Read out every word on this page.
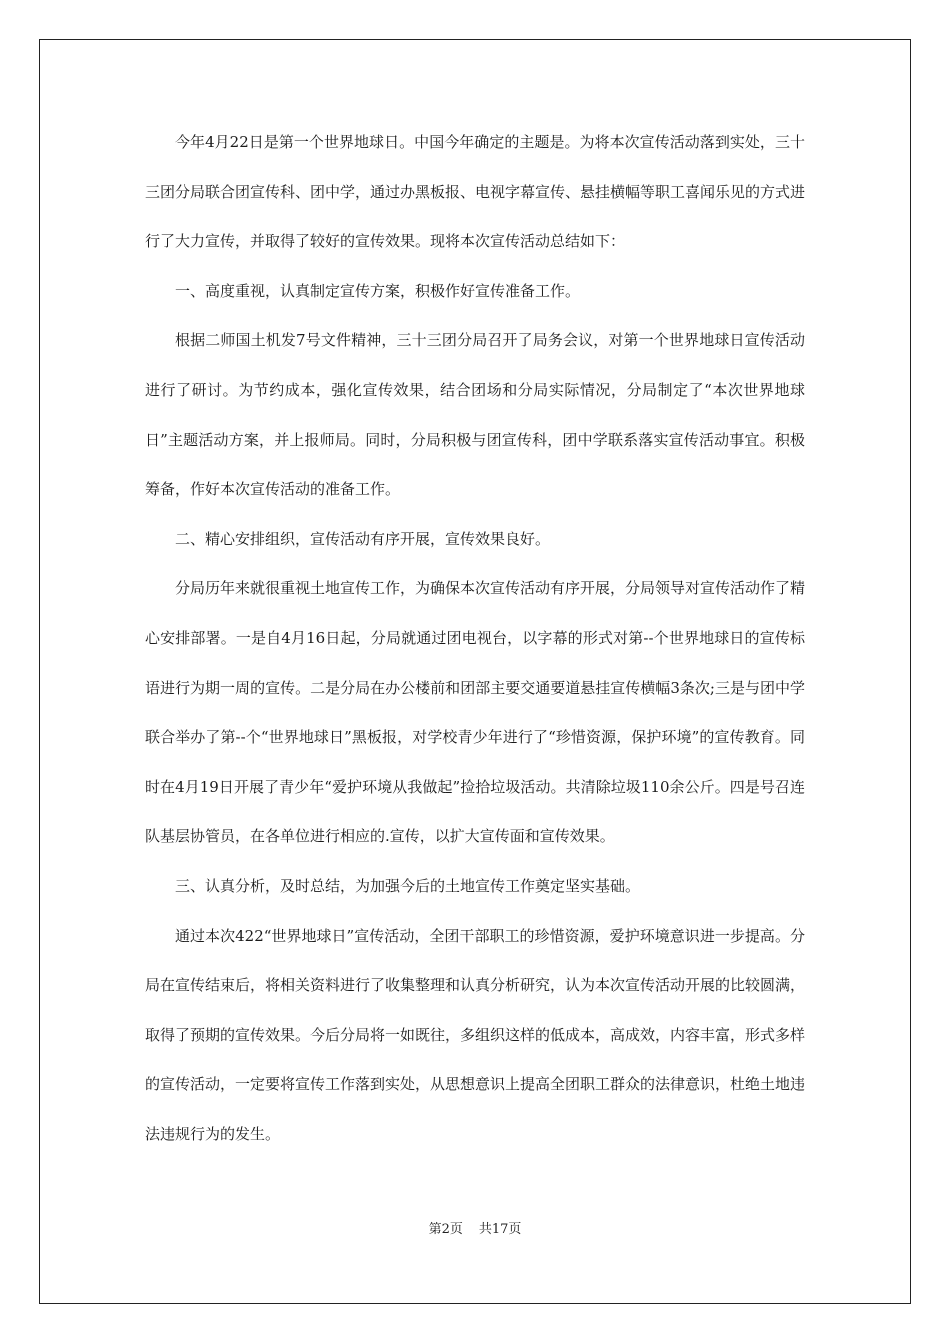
今年4月22日是第一个世界地球日。中国今年确定的主题是。为将本次宣传活动落到实处，三十三团分局联合团宣传科、团中学，通过办黑板报、电视字幕宣传、悬挂横幅等职工喜闻乐见的方式进行了大力宣传，并取得了较好的宣传效果。现将本次宣传活动总结如下：

一、高度重视，认真制定宣传方案，积极作好宣传准备工作。

根据二师国土机发7号文件精神，三十三团分局召开了局务会议，对第一个世界地球日宣传活动进行了研讨。为节约成本，强化宣传效果，结合团场和分局实际情况，分局制定了“本次世界地球日”主题活动方案，并上报师局。同时，分局积极与团宣传科，团中学联系落实宣传活动事宜。积极筹备，作好本次宣传活动的准备工作。

二、精心安排组织，宣传活动有序开展，宣传效果良好。

分局历年来就很重视土地宣传工作，为确保本次宣传活动有序开展，分局领导对宣传活动作了精心安排部署。一是自4月16日起，分局就通过团电视台，以字幕的形式对第--个世界地球日的宣传标语进行为期一周的宣传。二是分局在办公楼前和团部主要交通要道悬挂宣传横幅3条次;三是与团中学联合举办了第--个“世界地球日”黑板报，对学校青少年进行了“珍惜资源，保护环境”的宣传教育。同时在4月19日开展了青少年“爱护环境从我做起”捡拾垃圾活动。共清除垃圾110余公斤。四是号召连队基层协管员，在各单位进行相应的.宣传，以扩大宣传面和宣传效果。

三、认真分析，及时总结，为加强今后的土地宣传工作奠定坚实基础。

通过本次422“世界地球日”宣传活动，全团干部职工的珍惜资源，爱护环境意识进一步提高。分局在宣传结束后，将相关资料进行了收集整理和认真分析研究，认为本次宣传活动开展的比较圆满，取得了预期的宣传效果。今后分局将一如既往，多组织这样的低成本，高成效，内容丰富，形式多样的宣传活动，一定要将宣传工作落到实处，从思想意识上提高全团职工群众的法律意识，杜绝土地违法违规行为的发生。

第2页 共17页
